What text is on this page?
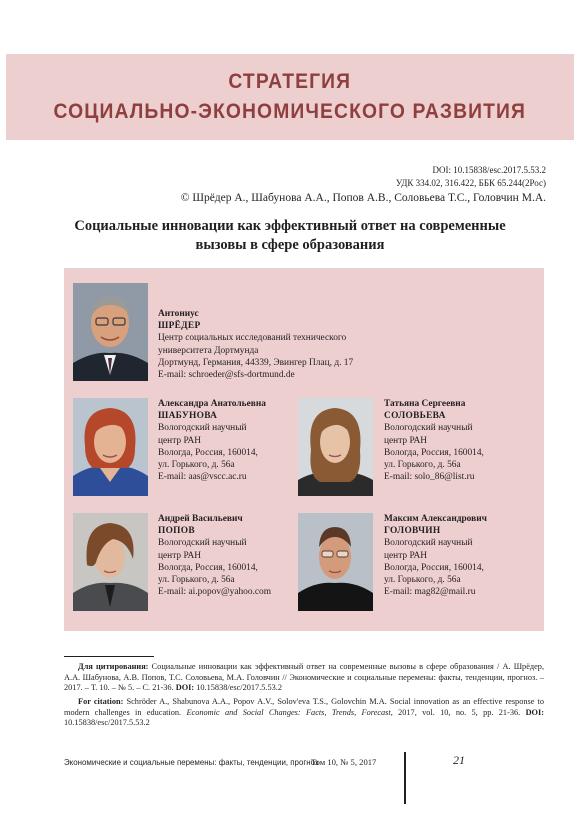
СТРАТЕГИЯ
СОЦИАЛЬНО-ЭКОНОМИЧЕСКОГО РАЗВИТИЯ
DOI: 10.15838/esc.2017.5.53.2
УДК 334.02, 316.422, ББК 65.244(2Рос)
© Шрёдер А., Шабунова А.А., Попов А.В., Соловьева Т.С., Головчин М.А.
Социальные инновации как эффективный ответ на современные
вызовы в сфере образования
Антониус
ШРЁДЕР
Центр социальных исследований технического
университета Дортмунда
Дортмунд, Германия, 44339, Эвингер Плац, д. 17
E-mail: schroeder@sfs-dortmund.de
Александра Анатольевна
ШАБУНОВА
Вологодский научный
центр РАН
Вологда, Россия, 160014,
ул. Горького, д. 56а
E-mail: aas@vscc.ac.ru
Татьяна Сергеевна
СОЛОВЬЕВА
Вологодский научный
центр РАН
Вологда, Россия, 160014,
ул. Горького, д. 56а
E-mail: solo_86@list.ru
Андрей Васильевич
ПОПОВ
Вологодский научный
центр РАН
Вологда, Россия, 160014,
ул. Горького, д. 56а
E-mail: ai.popov@yahoo.com
Максим Александрович
ГОЛОВЧИН
Вологодский научный
центр РАН
Вологда, Россия, 160014,
ул. Горького, д. 56а
E-mail: mag82@mail.ru
Для цитирования: Социальные инновации как эффективный ответ на современные вызовы в сфере образования / А. Шрёдер, А.А. Шабунова, А.В. Попов, Т.С. Соловьева, М.А. Головчин // Экономические и социальные перемены: факты, тенденции, прогноз. – 2017. – Т. 10. – № 5. – С. 21-36. DOI: 10.15838/esc/2017.5.53.2
For citation: Schröder A., Shabunova A.A., Popov A.V., Solov'eva T.S., Golovchin M.A. Social innovation as an effective response to modern challenges in education. Economic and Social Changes: Facts, Trends, Forecast, 2017, vol. 10, no. 5, pp. 21-36. DOI: 10.15838/esc/2017.5.53.2
Экономические и социальные перемены: факты, тенденции, прогноз
Том 10, № 5, 2017	21
